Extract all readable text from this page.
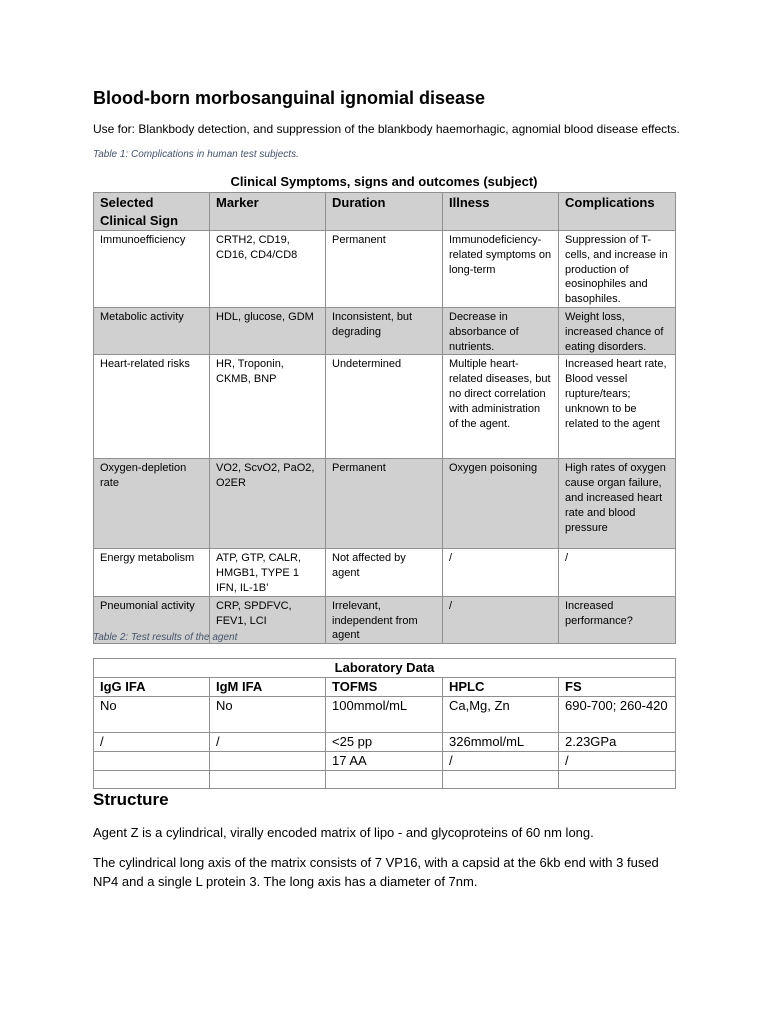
Blood-born morbosanguinal ignomial disease
Use for: Blankbody detection, and suppression of the blankbody haemorhagic, agnomial blood disease effects.
Table 1: Complications in human test subjects.
Clinical Symptoms, signs and outcomes (subject)
Selected Clinical Sign	Marker	Duration	Illness	Complications
Immunoefficiency	CRTH2, CD19, CD16, CD4/CD8	Permanent	Immunodeficiency-related symptoms on long-term	Suppression of T-cells, and increase in production of eosinophiles and basophiles.
Metabolic activity	HDL, glucose, GDM	Inconsistent, but degrading	Decrease in absorbance of nutrients.	Weight loss, increased chance of eating disorders.
Heart-related risks	HR, Troponin, CKMB, BNP	Undetermined	Multiple heart-related diseases, but no direct correlation with administration of the agent.	Increased heart rate, Blood vessel rupture/tears; unknown to be related to the agent
Oxygen-depletion rate	VO2, ScvO2, PaO2, O2ER	Permanent	Oxygen poisoning	High rates of oxygen cause organ failure, and increased heart rate and blood pressure
Energy metabolism	ATP, GTP, CALR, HMGB1, TYPE 1 IFN, IL-1B’	Not affected by agent	/	/
Pneumonial activity	CRP, SPDFVC, FEV1, LCI	Irrelevant, independent from agent	/	Increased performance?
Table 2: Test results of the agent
Laboratory Data				
IgG IFA	IgM IFA	TOFMS	HPLC	FS
No	No	100mmol/mL	Ca,Mg, Zn	690-700; 260-420
/	/	<25 pp	326mmol/mL	2.23GPa
		17 AA	/	/

Structure

Agent Z is a cylindrical, virally encoded matrix of lipo - and glycoproteins of 60 nm long.

The cylindrical long axis of the matrix consists of 7 VP16, with a capsid at the 6kb end with 3 fused NP4 and a single L protein 3. The long axis has a diameter of 7nm.
